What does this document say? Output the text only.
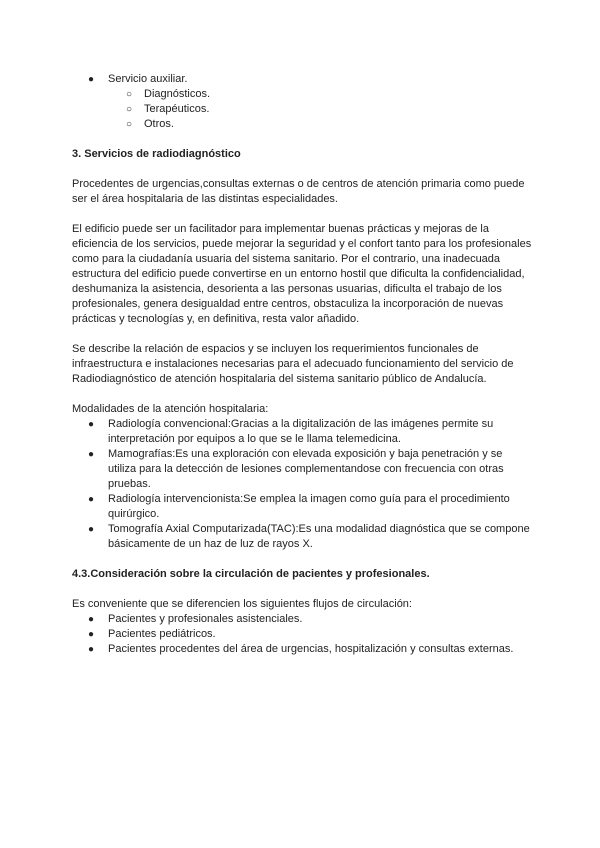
● Servicio auxiliar.
○ Diagnósticos.
○ Terapéuticos.
○ Otros.

3. Servicios de radiodiagnóstico

Procedentes de urgencias,consultas externas o de centros de atención primaria como puede ser el área hospitalaria de las distintas especialidades.

El edificio puede ser un facilitador para implementar buenas prácticas y mejoras de la eficiencia de los servicios, puede mejorar la seguridad y el confort tanto para los profesionales como para la ciudadanía usuaria del sistema sanitario. Por el contrario, una inadecuada estructura del edificio puede convertirse en un entorno hostil que dificulta la confidencialidad, deshumaniza la asistencia, desorienta a las personas usuarias, dificulta el trabajo de los profesionales, genera desigualdad entre centros, obstaculiza la incorporación de nuevas prácticas y tecnologías y, en definitiva, resta valor añadido.

Se describe la relación de espacios y se incluyen los requerimientos funcionales de infraestructura e instalaciones necesarias para el adecuado funcionamiento del servicio de Radiodiagnóstico de atención hospitalaria del sistema sanitario público de Andalucía.

Modalidades de la atención hospitalaria:

● Radiología convencional:Gracias a la digitalización de las imágenes permite su interpretación por equipos a lo que se le llama telemedicina.
● Mamografías:Es una exploración con elevada exposición y baja penetración y se utiliza para la detección de lesiones complementandose con frecuencia con otras pruebas.
● Radiología intervencionista:Se emplea la imagen como guía para el procedimiento quirúrgico.
● Tomografía Axial Computarizada(TAC):Es una modalidad diagnóstica que se compone básicamente de un haz de luz de rayos X.

4.3.Consideración sobre la circulación de pacientes y profesionales.

Es conveniente que se diferencien los siguientes flujos de circulación:

● Pacientes y profesionales asistenciales.
● Pacientes pediátricos.
● Pacientes procedentes del área de urgencias, hospitalización y consultas externas.
